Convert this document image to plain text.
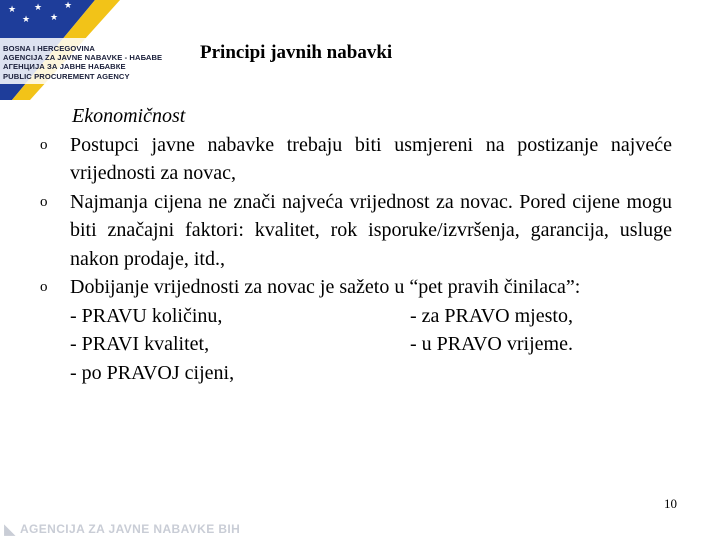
★
★
★
★
★
BOSNA I HERCEGOVINA
AGENCIJA ZA JAVNE NABAVKE - НАБАВЕ
АГЕНЦИЈА ЗА ЈАВНЕ НАБАВКЕ
PUBLIC PROCUREMENT AGENCY
Principi javnih nabavki
Ekonomičnost
o	Postupci javne nabavke trebaju biti usmjereni na postizanje najveće vrijednosti za novac,
o	Najmanja cijena ne znači najveća vrijednost za novac. Pored cijene mogu biti značajni faktori: kvalitet, rok isporuke/izvršenja, garancija, usluge nakon prodaje, itd.,
o	Dobijanje vrijednosti za novac je sažeto u “pet pravih činilaca”:
- PRAVU količinu,	- za PRAVO mjesto,
- PRAVI kvalitet,	- u PRAVO vrijeme.
- po PRAVOJ cijeni,
10
◣ AGENCIJA ZA JAVNE NABAVKE BIH
